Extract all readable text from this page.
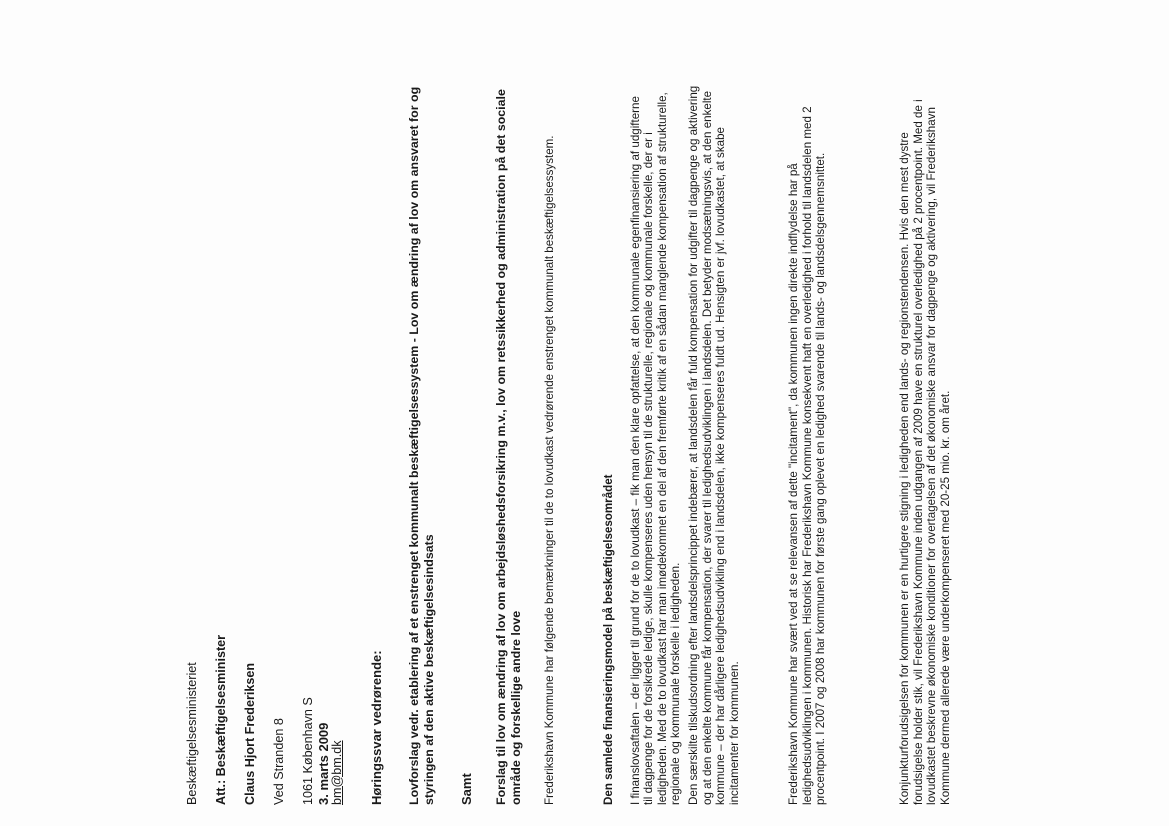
Beskæftigelsesministeriet Att.: Beskæftigelsesminister Claus Hjort Frederiksen Ved Stranden 8 1061 København S bm@bm.dk

3. marts 2009	Høringssvar vedrørende: Lovforslag vedr. etablering af et enstrenget kommunalt beskæftigelsessystem - Lov om ændring af lov om ansvaret for og styringen af den aktive beskæftigelsesindsats Samt Forslag til lov om ændring af lov om arbejdsløshedsforsikring m.v., lov om retssikkerhed og administration på det sociale område og forskellige andre love Frederikshavn Kommune har følgende bemærkninger til de to lovudkast vedrørende enstrenget kommunalt beskæftigelsessystem.	Den samlede finansieringsmodel på beskæftigelsesområdet I finanslovsaftalen – der ligger til grund for de to lovudkast – fik man den klare opfattelse, at den kommunale egenfinansiering af udgifterne til dagpenge for de forsikrede ledige, skulle kompenseres uden hensyn til de strukturelle, regionale og kommunale forskelle, der er i ledigheden. Med de to lovudkast har man imødekommet en del af den fremførte kritik af en sådan manglende kompensation af strukturelle, regionale og kommunale forskelle i ledigheden. Den særskilte tilskudsordning efter landsdelsprincippet indebærer, at landsdelen får fuld kompensation for udgifter til dagpenge og aktivering og at den enkelte kommune får kompensation, der svarer til ledighedsudviklingen i landsdelen. Det betyder modsætningsvis, at den enkelte kommune – der har dårligere ledighedsudvikling end i landsdelen, ikke kompenseres fuldt ud. Hensigten er jvf. lovudkastet, at skabe incitamenter for kommunen.	Frederikshavn Kommune har svært ved at se relevansen af dette "incitament", da kommunen ingen direkte indflydelse har på ledighedsudviklingen i kommunen. Historisk har Frederikshavn Kommune konsekvent haft en overledighed i forhold til landsdelen med 2 procentpoint. I 2007 og 2008 har kommunen for første gang oplevet en ledighed svarende til lands- og landsdelsgennemsnittet.	Konjunkturforudsigelsen for kommunen er en hurtigere stigning i ledigheden end lands- og regionstendensen. Hvis den mest dystre forudsigelse holder stik, vil Frederikshavn Kommune inden udgangen af 2009 have en strukturel overledighed på 2 procentpoint. Med de i lovudkastet beskrevne økonomiske konditioner for overtagelsen af det økonomiske ansvar for dagpenge og aktivering, vil Frederikshavn Kommune dermed allerede være underkompenseret med 20-25 mio. kr. om året.
